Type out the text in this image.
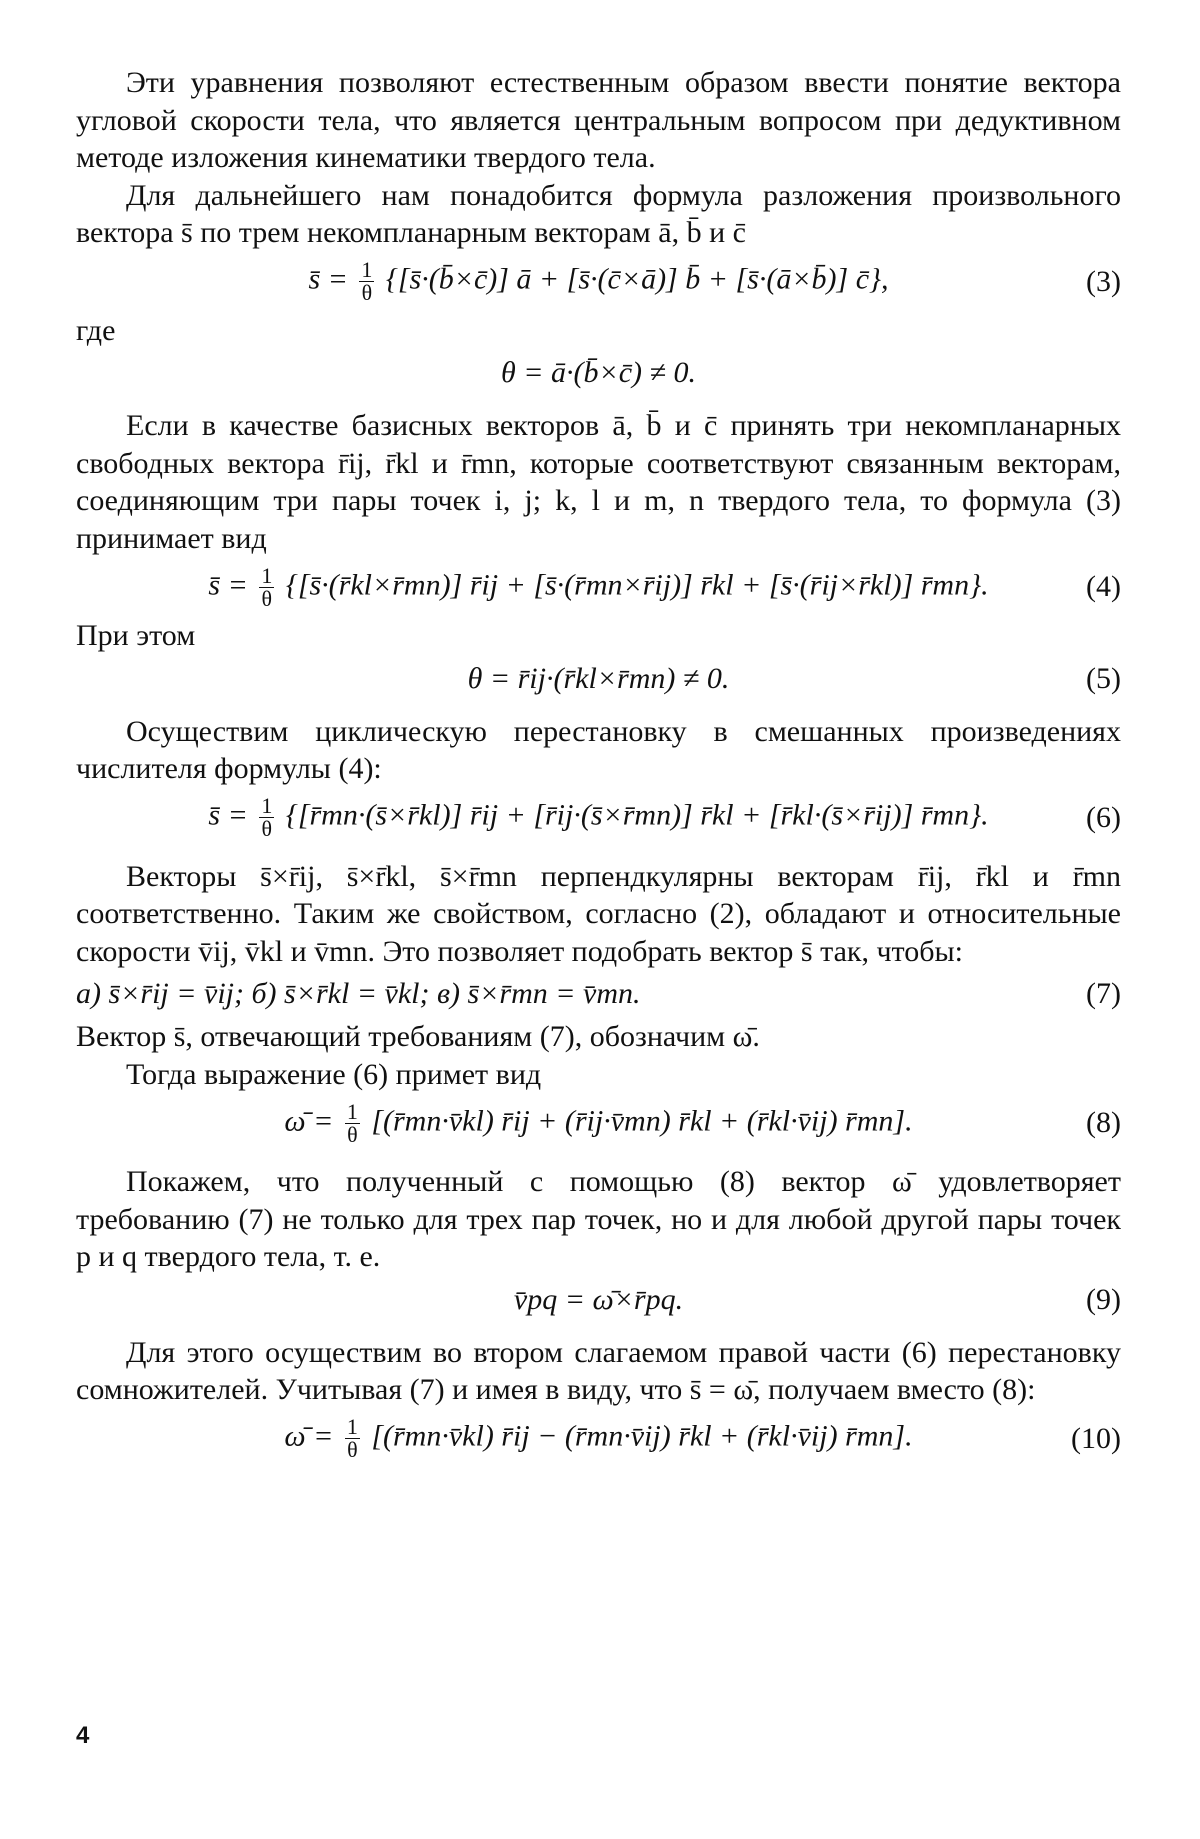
Эти уравнения позволяют естественным образом ввести понятие вектора угловой скорости тела, что является центральным вопросом при дедуктивном методе изложения кинематики твердого тела.

Для дальнейшего нам понадобится формула разложения произвольного вектора s̄ по трем некомпланарным векторам ā, b̄ и c̄

s̄ = $\frac{1}{\theta}$ {[s̄·(b̄×c̄)] ā + [s̄·(c̄×ā)] b̄ + [s̄·(ā×b̄)] c̄},	(3)

где

θ = ā·(b̄×c̄) ≠ 0.

Если в качестве базисных векторов ā, b̄ и c̄ принять три некомпланарных свободных вектора r̄ij, r̄kl и r̄mn, которые соответствуют связанным векторам, соединяющим три пары точек i, j; k, l и m, n твердого тела, то формула (3) принимает вид

s̄ = $\frac{1}{\theta}$ {[s̄·(r̄kl×r̄mn)] r̄ij + [s̄·(r̄mn×r̄ij)] r̄kl + [s̄·(r̄ij×r̄kl)] r̄mn}.	(4)

При этом

θ = r̄ij·(r̄kl×r̄mn) ≠ 0.	(5)

Осуществим циклическую перестановку в смешанных произведениях числителя формулы (4):

s̄ = $\frac{1}{\theta}$ {[r̄mn·(s̄×r̄kl)] r̄ij + [r̄ij·(s̄×r̄mn)] r̄kl + [r̄kl·(s̄×r̄ij)] r̄mn}.	(6)

Векторы s̄×r̄ij, s̄×r̄kl, s̄×r̄mn перпендкулярны векторам r̄ij, r̄kl и r̄mn соответственно. Таким же свойством, согласно (2), обладают и относительные скорости v̄ij, v̄kl и v̄mn. Это позволяет подобрать вектор s̄ так, чтобы:

а) s̄×r̄ij = v̄ij; б) s̄×r̄kl = v̄kl; в) s̄×r̄mn = v̄mn.	(7)

Вектор s̄, отвечающий требованиям (7), обозначим ω̄.

Тогда выражение (6) примет вид

ω̄ = $\frac{1}{\theta}$ [(r̄mn·v̄kl) r̄ij + (r̄ij·v̄mn) r̄kl + (r̄kl·v̄ij) r̄mn].	(8)

Покажем, что полученный с помощью (8) вектор ω̄ удовлетворяет требованию (7) не только для трех пар точек, но и для любой другой пары точек p и q твердого тела, т. е.

v̄pq = ω̄×r̄pq.	(9)

Для этого осуществим во втором слагаемом правой части (6) перестановку сомножителей. Учитывая (7) и имея в виду, что s̄ = ω̄, получаем вместо (8):

ω̄ = $\frac{1}{\theta}$ [(r̄mn·v̄kl) r̄ij − (r̄mn·v̄ij) r̄kl + (r̄kl·v̄ij) r̄mn].	(10)
4
